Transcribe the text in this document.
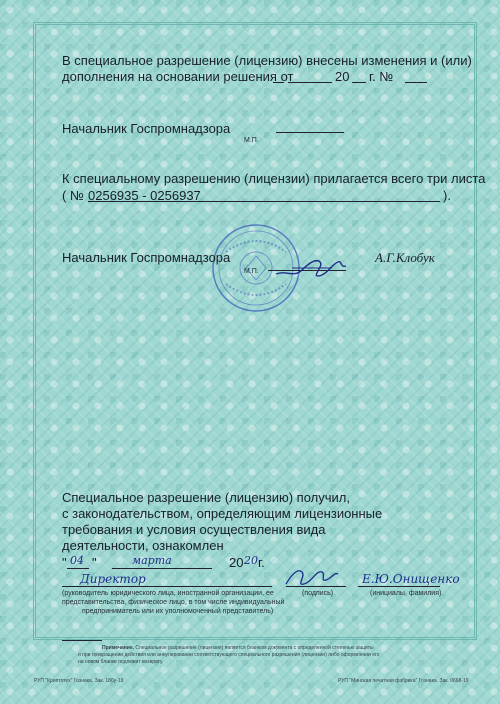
В специальное разрешение (лицензию) внесены изменения и (или)
дополнения на основании решения от	20 г. №
Начальник Госпромнадзора
М.П.
К специальному разрешению (лицензии) прилагается всего три листа
( № 0256935 - 0256937	).
Начальник Госпромнадзора
М.П.
А.Г.Клобук
Специальное разрешение (лицензию) получил,
с законодательством, определяющим лицензионные
требования и условия осуществления вида
деятельности, ознакомлен
" 04 "	марта	20 20 г.
Директор	Е.Ю.Онищенко
(руководитель юридического лица, иностранной организации, ее
представительства, физическое лицо, в том числе индивидуальный
предприниматель или их уполномоченный представитель)
(подпись)	(инициалы, фамилия)
Примечание. Специальное разрешение (лицензия) является бланком документа с определенной степенью защиты
и при прекращении действия или аннулировании соответствующего специального разрешения (лицензии) либо оформлении его
на новом бланке подлежит возврату.
РУП "Криптотех" Гознака. Зак. 186у-19	РУП "Минская печатная фабрика" Гознака. Зак. 0668-19
